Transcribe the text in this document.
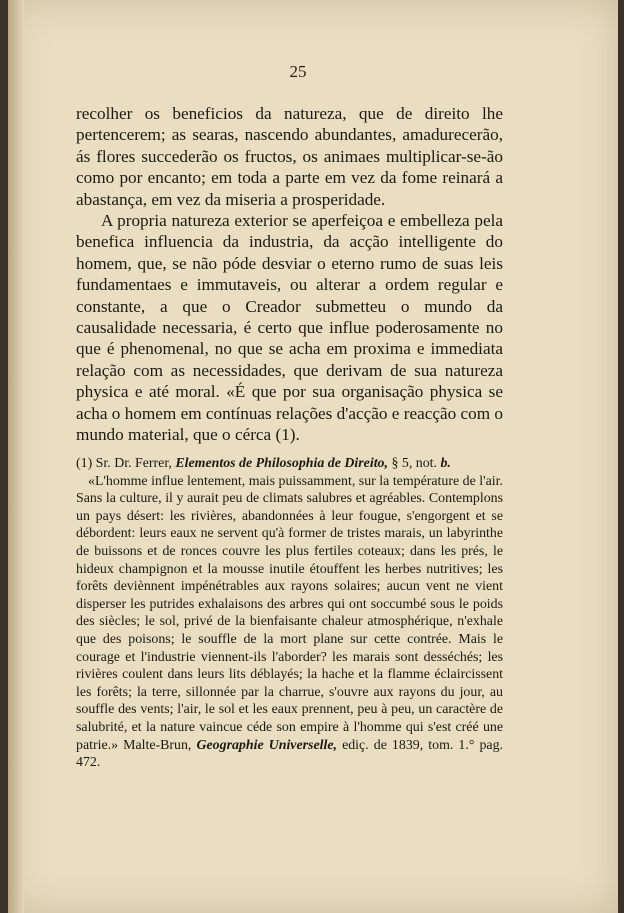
25

recolher os beneficios da natureza, que de direito lhe pertencerem; as searas, nascendo abundantes, amadurecerão, ás flores succederão os fructos, os animaes multiplicar-se-ão como por encanto; em toda a parte em vez da fome reinará a abastança, em vez da miseria a prosperidade.

A propria natureza exterior se aperfeiçoa e embelleza pela benefica influencia da industria, da acção intelligente do homem, que, se não póde desviar o eterno rumo de suas leis fundamentaes e immutaveis, ou alterar a ordem regular e constante, a que o Creador submetteu o mundo da causalidade necessaria, é certo que influe poderosamente no que é phenomenal, no que se acha em proxima e immediata relação com as necessidades, que derivam de sua natureza physica e até moral. «É que por sua organisação physica se acha o homem em contínuas relações d'acção e reacção com o mundo material, que o cérca (1).

(1) Sr. Dr. Ferrer, Elementos de Philosophia de Direito, § 5, not. b.

«L'homme influe lentement, mais puissamment, sur la température de l'air. Sans la culture, il y aurait peu de climats salubres et agréables. Contemplons un pays désert: les rivières, abandonnées à leur fougue, s'engorgent et se débordent: leurs eaux ne servent qu'à former de tristes marais, un labyrinthe de buissons et de ronces couvre les plus fertiles coteaux; dans les prés, le hideux champignon et la mousse inutile étouffent les herbes nutritives; les forêts deviènnent impénétrables aux rayons solaires; aucun vent ne vient disperser les putrides exhalaisons des arbres qui ont soccumbé sous le poids des siècles; le sol, privé de la bienfaisante chaleur atmosphérique, n'exhale que des poisons; le souffle de la mort plane sur cette contrée. Mais le courage et l'industrie viennent-ils l'aborder? les marais sont desséchés; les rivières coulent dans leurs lits déblayés; la hache et la flamme éclaircissent les forêts; la terre, sillonnée par la charrue, s'ouvre aux rayons du jour, au souffle des vents; l'air, le sol et les eaux prennent, peu à peu, un caractère de salubrité, et la nature vaincue céde son empire à l'homme qui s'est créé une patrie.» Malte-Brun, Geographie Universelle, ediç. de 1839, tom. 1.° pag. 472.
